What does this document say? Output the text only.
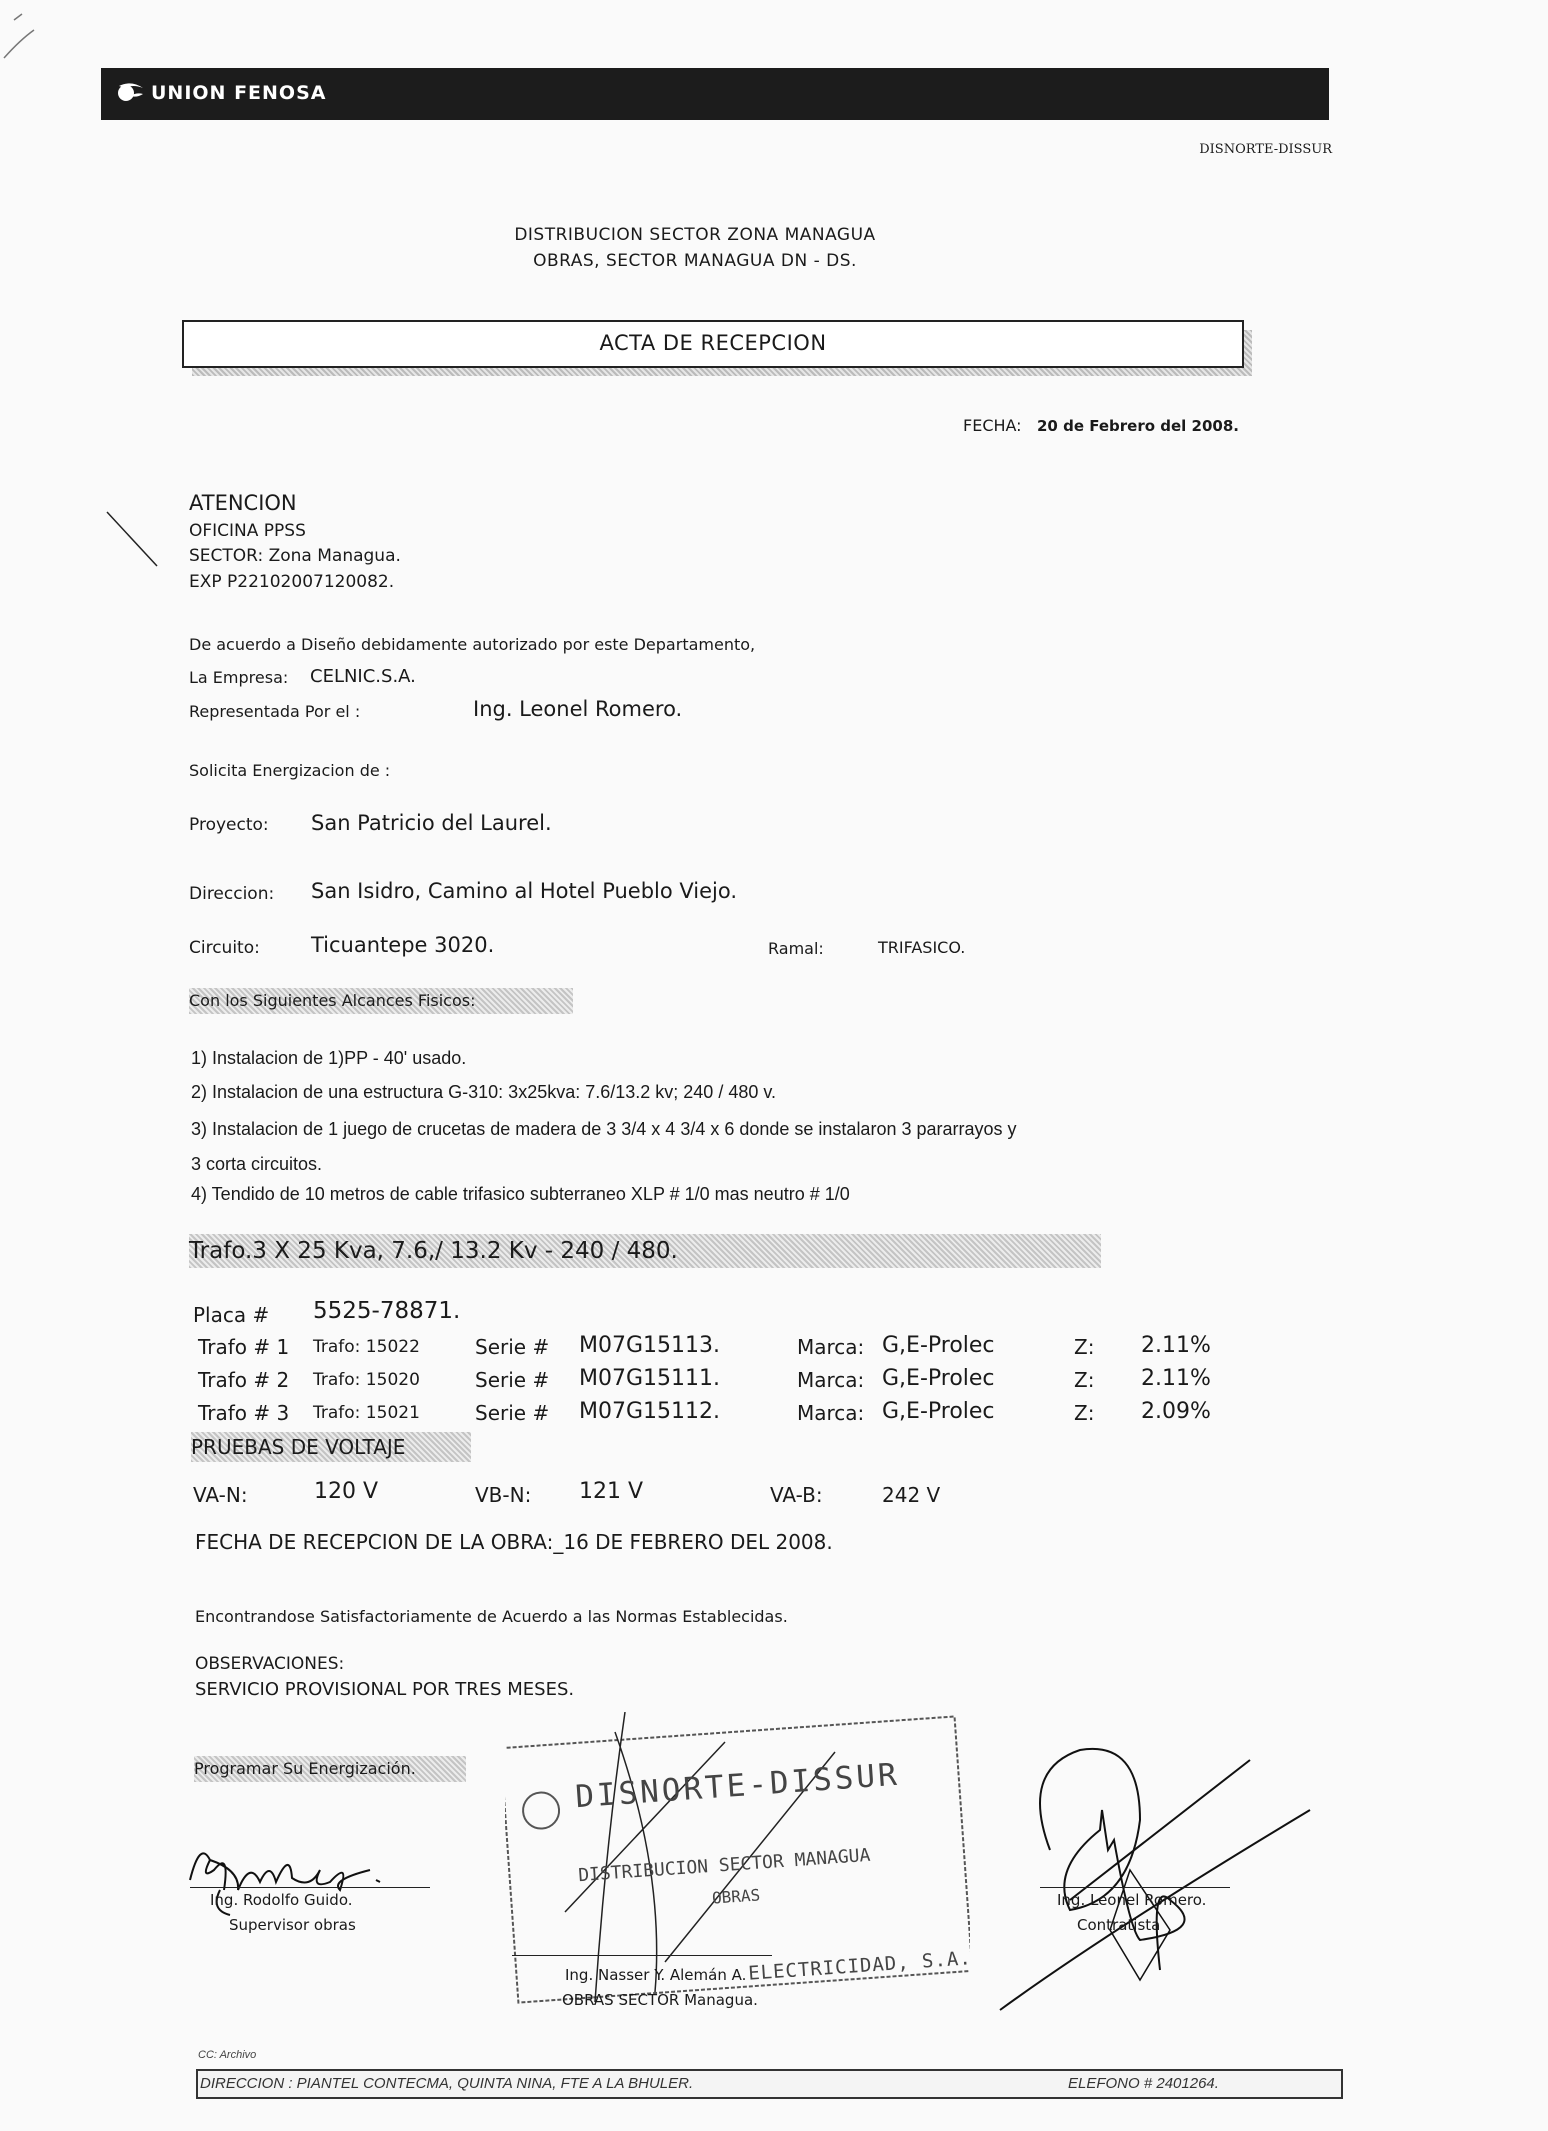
UNION FENOSA
DISNORTE-DISSUR
DISTRIBUCION SECTOR ZONA MANAGUA
OBRAS, SECTOR MANAGUA DN - DS.
ACTA DE RECEPCION
FECHA: 20 de Febrero del 2008.
ATENCION
OFICINA PPSS
SECTOR: Zona Managua.
EXP P22102007120082.
De acuerdo a Diseño debidamente autorizado por este Departamento,
La Empresa: CELNIC.S.A.
Representada Por el :	Ing. Leonel Romero.
Solicita Energizacion de :
Proyecto: San Patricio del Laurel.
Direccion: San Isidro, Camino al Hotel Pueblo Viejo.
Circuito: Ticuantepe 3020.	Ramal:	TRIFASICO.
Con los Siguientes Alcances Fisicos:
1) Instalacion de 1)PP - 40' usado.
2) Instalacion de una estructura G-310: 3x25kva: 7.6/13.2 kv; 240 / 480 v.
3) Instalacion de 1 juego de crucetas de madera de 3 3/4 x 4 3/4 x 6 donde se instalaron 3 pararrayos y
3 corta circuitos.
4) Tendido de 10 metros de cable trifasico subterraneo XLP # 1/0 mas neutro # 1/0
Trafo.3 X 25 Kva, 7.6,/ 13.2 Kv - 240 / 480.
Placa # 5525-78871.
Trafo # 1 Trafo: 15022	Serie # M07G15113.	Marca: G,E-Prolec	Z: 2.11%
Trafo # 2 Trafo: 15020	Serie # M07G15111.	Marca: G,E-Prolec	Z: 2.11%
Trafo # 3 Trafo: 15021	Serie # M07G15112.	Marca: G,E-Prolec	Z: 2.09%
PRUEBAS DE VOLTAJE
VA-N:	120 V	VB-N: 121 V	VA-B:	242 V
FECHA DE RECEPCION DE LA OBRA:_16 DE FEBRERO DEL 2008.
Encontrandose Satisfactoriamente de Acuerdo a las Normas Establecidas.
OBSERVACIONES:
SERVICIO PROVISIONAL POR TRES MESES.
Programar Su Energización.
Ing. Rodolfo Guido.
Supervisor obras
DISNORTE-DISSUR
DISTRIBUCION SECTOR MANAGUA
OBRAS
ELECTRICIDAD, S.A.
Ing. Nasser Y. Alemán A.
OBRAS SECTOR Managua.
Ing. Leonel Romero.
Contratista
CC: Archivo
DIRECCION : PIANTEL CONTECMA, QUINTA NINA, FTE A LA BHULER.	ELEFONO # 2401264.
